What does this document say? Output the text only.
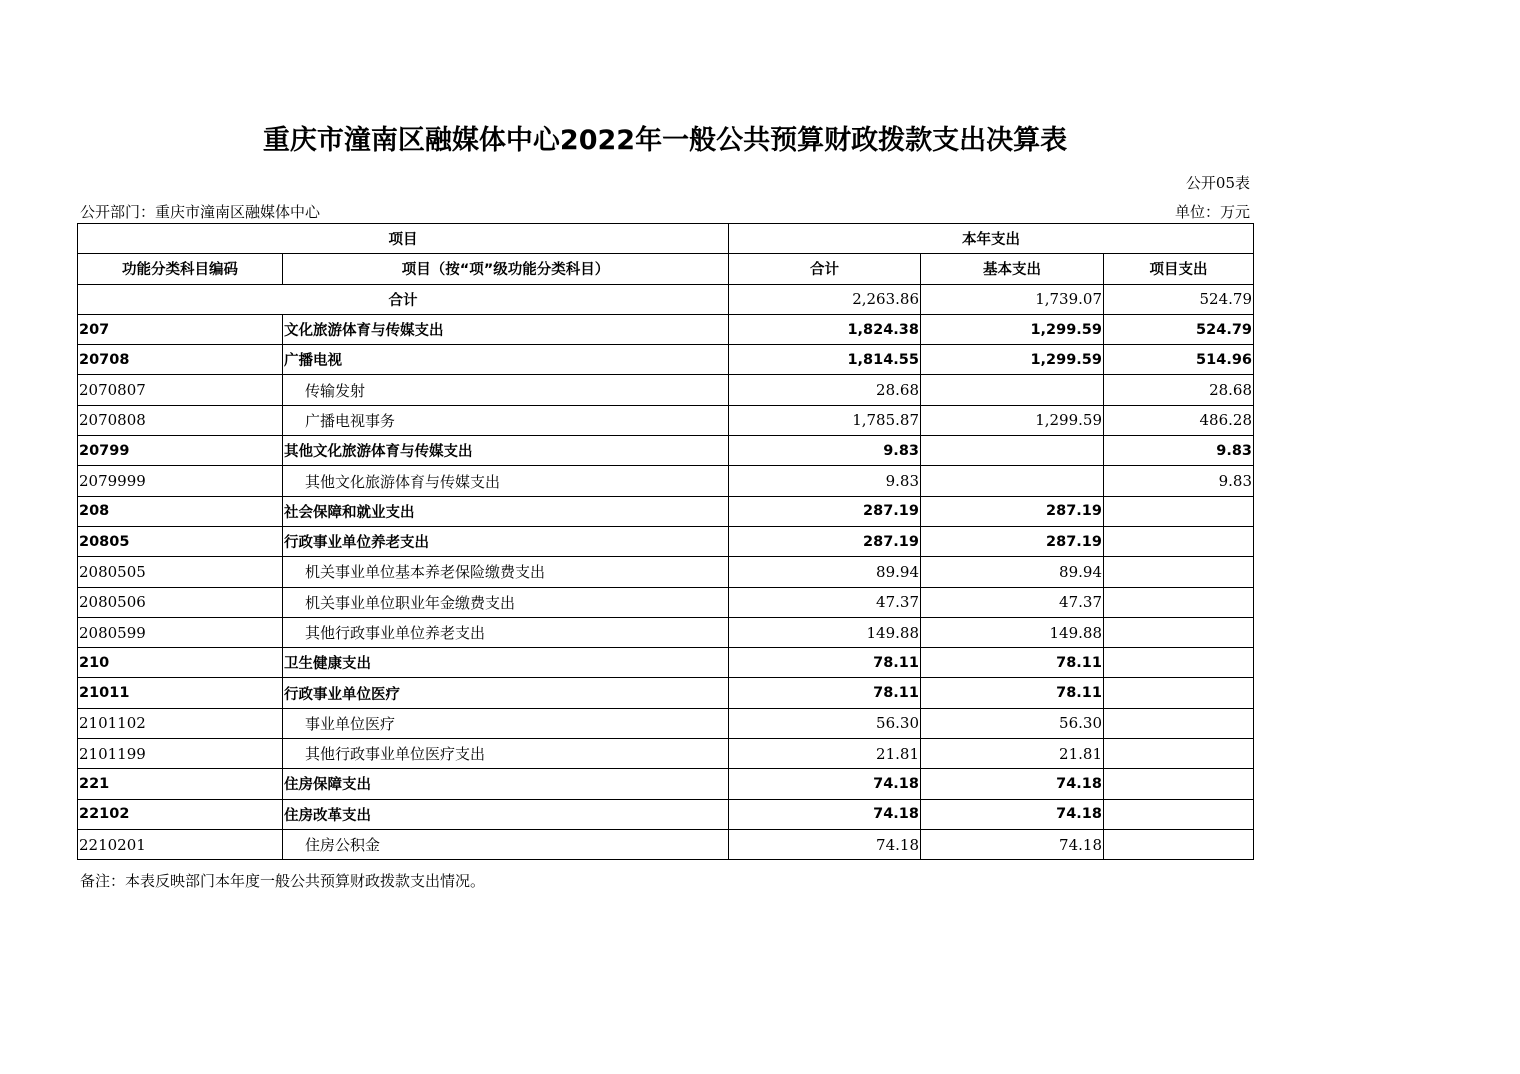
重庆市潼南区融媒体中心2022年一般公共预算财政拨款支出决算表
公开05表
公开部门：重庆市潼南区融媒体中心	单位：万元
项目		本年支出		
功能分类科目编码	项目（按“项”级功能分类科目）	合计	基本支出	项目支出
合计		2,263.86	1,739.07	524.79
207	文化旅游体育与传媒支出	1,824.38	1,299.59	524.79
20708	广播电视	1,814.55	1,299.59	514.96
2070807	传输发射	28.68		28.68
2070808	广播电视事务	1,785.87	1,299.59	486.28
20799	其他文化旅游体育与传媒支出	9.83		9.83
2079999	其他文化旅游体育与传媒支出	9.83		9.83
208	社会保障和就业支出	287.19	287.19	
20805	行政事业单位养老支出	287.19	287.19	
2080505	机关事业单位基本养老保险缴费支出	89.94	89.94	
2080506	机关事业单位职业年金缴费支出	47.37	47.37	
2080599	其他行政事业单位养老支出	149.88	149.88	
210	卫生健康支出	78.11	78.11	
21011	行政事业单位医疗	78.11	78.11	
2101102	事业单位医疗	56.30	56.30	
2101199	其他行政事业单位医疗支出	21.81	21.81	
221	住房保障支出	74.18	74.18	
22102	住房改革支出	74.18	74.18	
2210201	住房公积金	74.18	74.18	
备注：本表反映部门本年度一般公共预算财政拨款支出情况。
